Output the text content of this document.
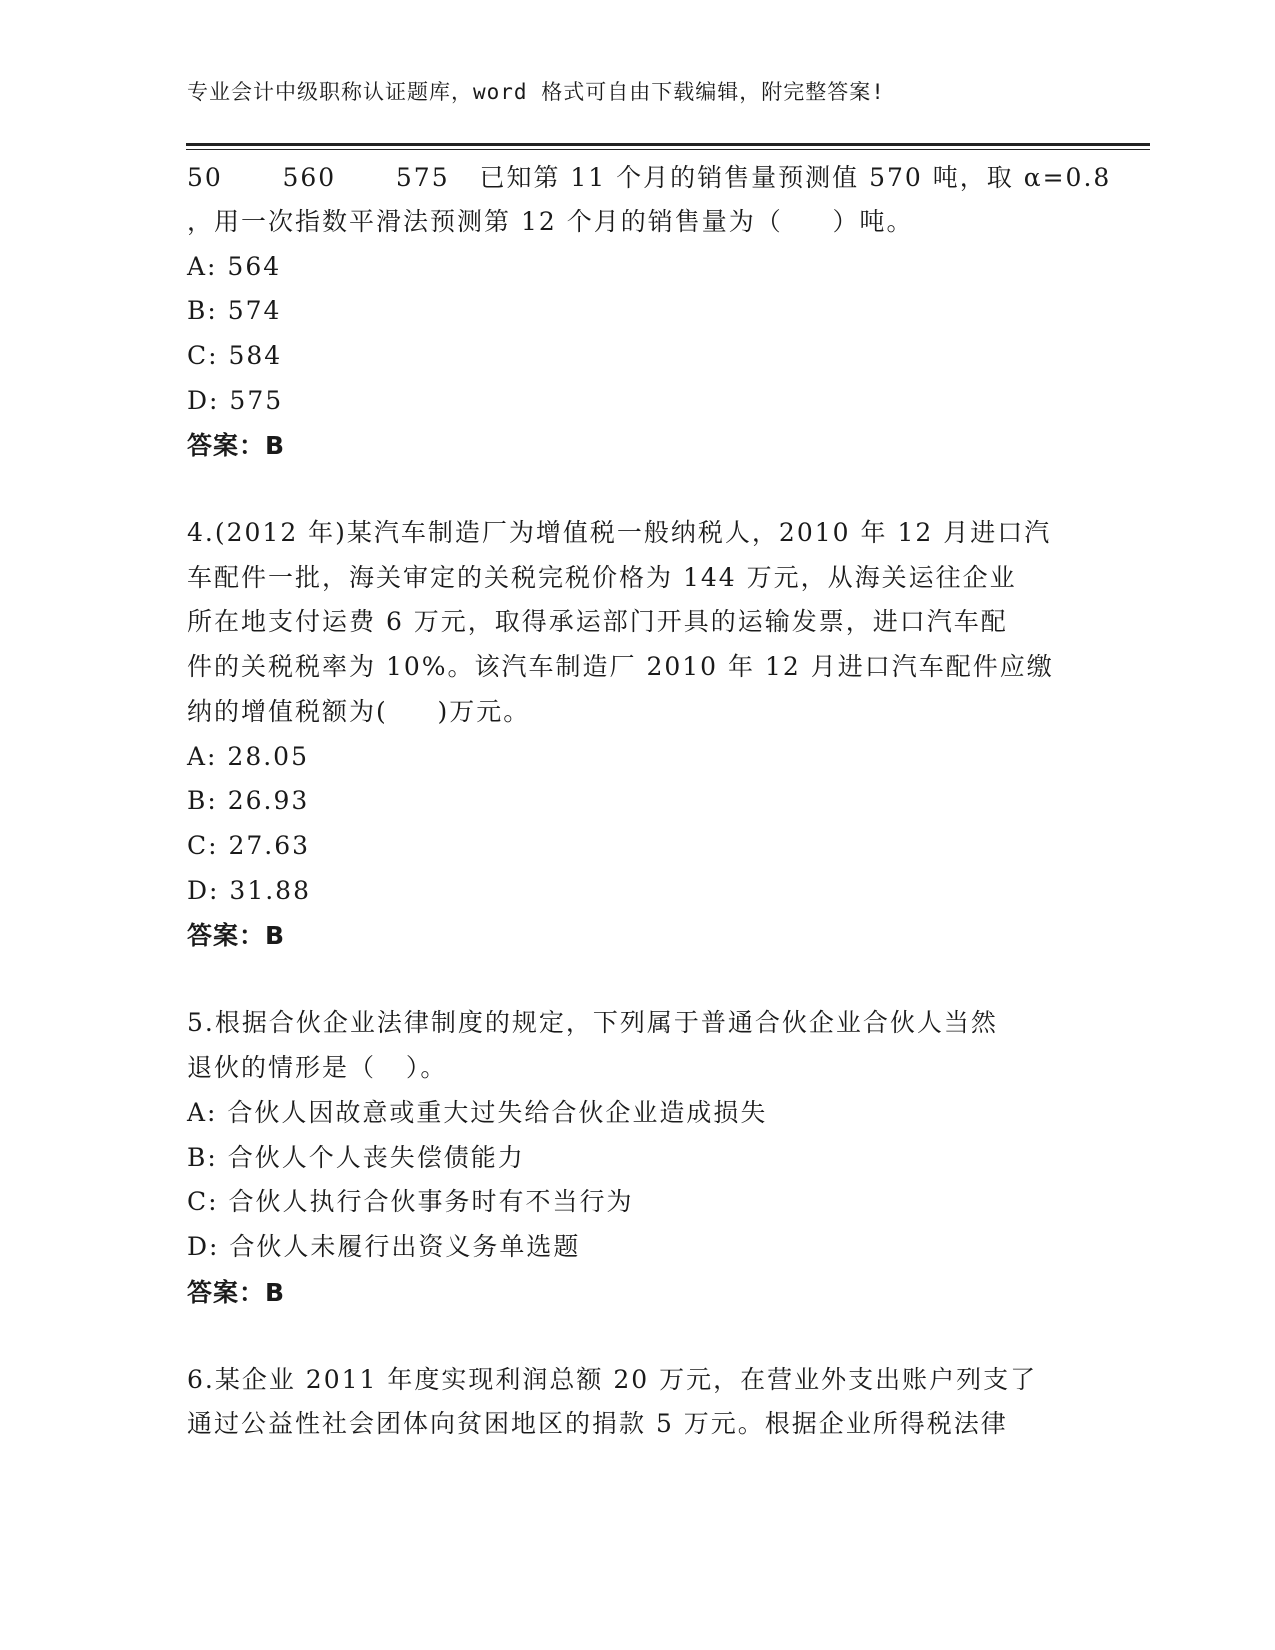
专业会计中级职称认证题库，word 格式可自由下载编辑，附完整答案!
50      560      575   已知第 11 个月的销售量预测值 570 吨，取 α=0.8
，用一次指数平滑法预测第 12 个月的销售量为（     ）吨。
A: 564
B: 574
C: 584
D: 575
答案：B
4.(2012 年)某汽车制造厂为增值税一般纳税人，2010 年 12 月进口汽
车配件一批，海关审定的关税完税价格为 144 万元，从海关运往企业
所在地支付运费 6 万元，取得承运部门开具的运输发票，进口汽车配
件的关税税率为 10%。该汽车制造厂 2010 年 12 月进口汽车配件应缴
纳的增值税额为(     )万元。
A: 28.05
B: 26.93
C: 27.63
D: 31.88
答案：B
5.根据合伙企业法律制度的规定，下列属于普通合伙企业合伙人当然
退伙的情形是（   ）。
A: 合伙人因故意或重大过失给合伙企业造成损失
B: 合伙人个人丧失偿债能力
C: 合伙人执行合伙事务时有不当行为
D: 合伙人未履行出资义务单选题
答案：B
6.某企业 2011 年度实现利润总额 20 万元，在营业外支出账户列支了
通过公益性社会团体向贫困地区的捐款 5 万元。根据企业所得税法律
